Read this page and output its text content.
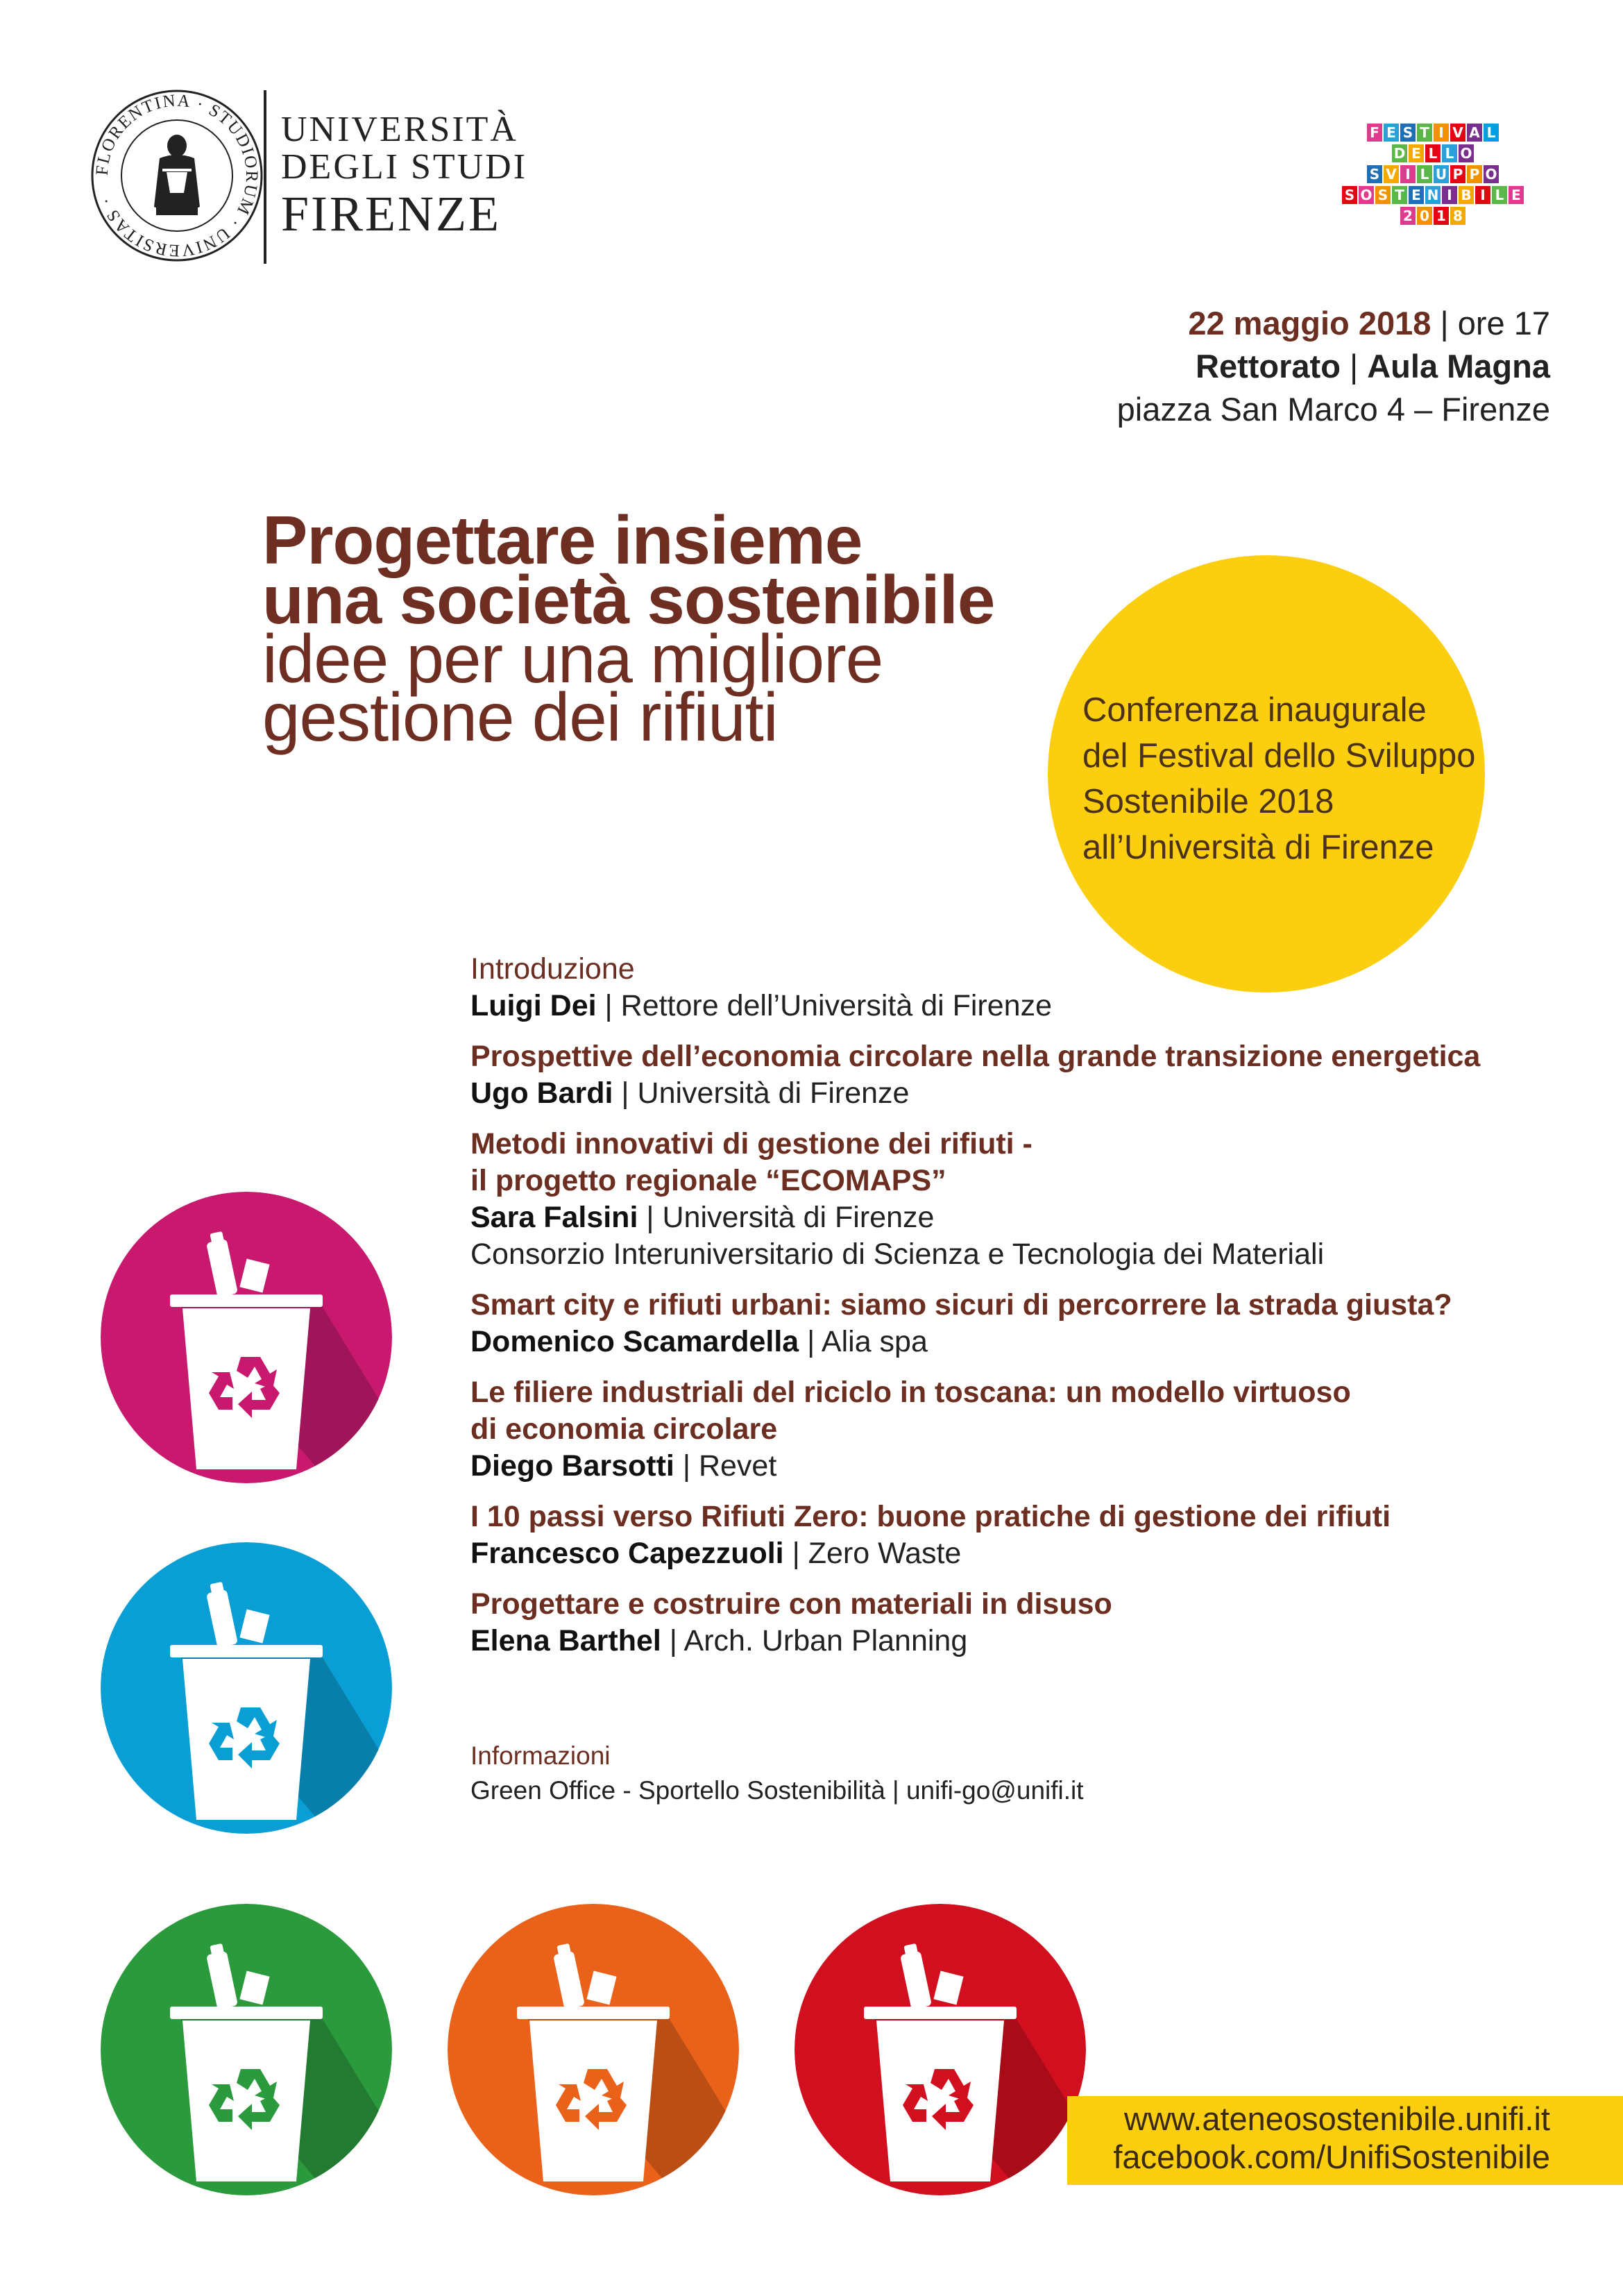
FLORENTINA · STUDIORUM · UNIVERSITAS ·
UNIVERSITÀ
DEGLI STUDI
FIRENZE
F E S T I V A L
D E L L O
S V I L U P P O
S O S T E N I B I L E
2 0 1 8
22 maggio 2018 | ore 17
Rettorato | Aula Magna
piazza San Marco 4 – Firenze
Conferenza inaugurale
del Festival dello Sviluppo
Sostenibile 2018
all’Università di Firenze
Progettare insieme
una società sostenibile
idee per una migliore
gestione dei rifiuti
Introduzione
Luigi Dei | Rettore dell’Università di Firenze
Prospettive dell’economia circolare nella grande transizione energetica
Ugo Bardi | Università di Firenze
Metodi innovativi di gestione dei rifiuti -
il progetto regionale “ECOMAPS”
Sara Falsini | Università di Firenze
Consorzio Interuniversitario di Scienza e Tecnologia dei Materiali
Smart city e rifiuti urbani: siamo sicuri di percorrere la strada giusta?
Domenico Scamardella | Alia spa
Le filiere industriali del riciclo in toscana: un modello virtuoso
di economia circolare
Diego Barsotti | Revet
I 10 passi verso Rifiuti Zero: buone pratiche di gestione dei rifiuti
Francesco Capezzuoli | Zero Waste
Progettare e costruire con materiali in disuso
Elena Barthel | Arch. Urban Planning
Informazioni
Green Office - Sportello Sostenibilità | unifi-go@unifi.it
www.ateneosostenibile.unifi.it
facebook.com/UnifiSostenibile
